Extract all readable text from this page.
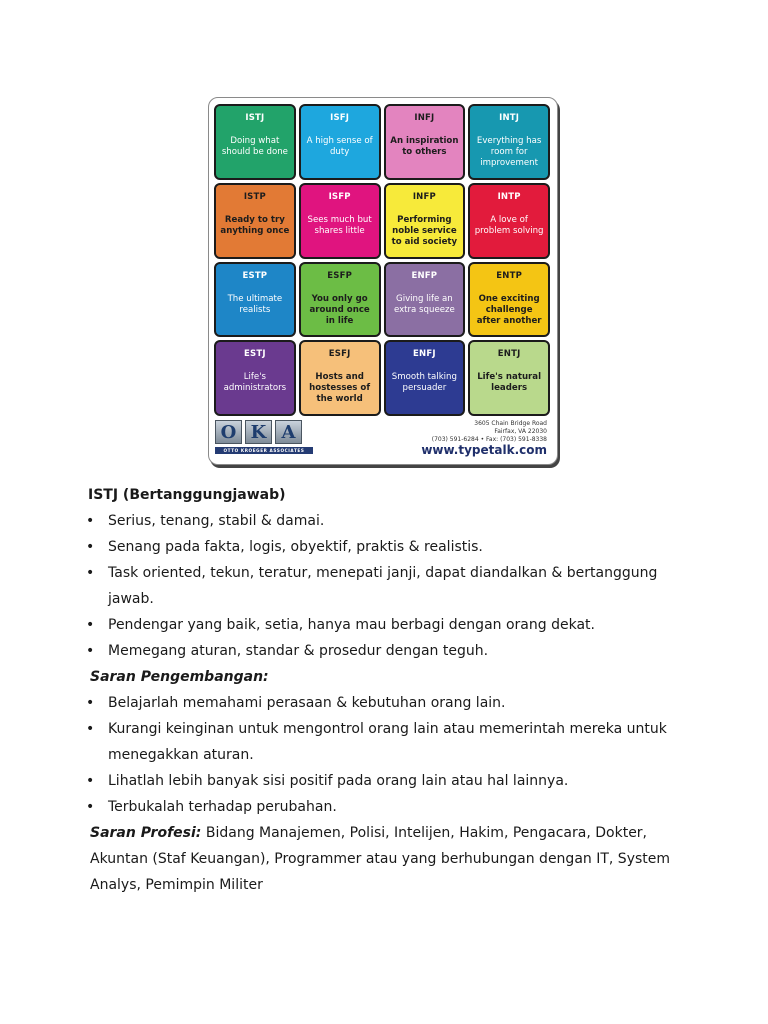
ISTJ
Doing what should be done
ISFJ
A high sense of duty
INFJ
An inspiration to others
INTJ
Everything has room for improvement
ISTP
Ready to try anything once
ISFP
Sees much but shares little
INFP
Performing noble service to aid society
INTP
A love of problem solving
ESTP
The ultimate realists
ESFP
You only go around once in life
ENFP
Giving life an extra squeeze
ENTP
One exciting challenge after another
ESTJ
Life's administrators
ESFJ
Hosts and hostesses of the world
ENFJ
Smooth talking persuader
ENTJ
Life's natural leaders
O K A
OTTO KROEGER ASSOCIATES
3605 Chain Bridge Road
Fairfax, VA 22030
(703) 591-6284 • Fax: (703) 591-8338
www.typetalk.com
ISTJ (Bertanggungjawab)
• Serius, tenang, stabil & damai.
• Senang pada fakta, logis, obyektif, praktis & realistis.
• Task oriented, tekun, teratur, menepati janji, dapat diandalkan & bertanggung jawab.
• Pendengar yang baik, setia, hanya mau berbagi dengan orang dekat.
• Memegang aturan, standar & prosedur dengan teguh.
Saran Pengembangan:
• Belajarlah memahami perasaan & kebutuhan orang lain.
• Kurangi keinginan untuk mengontrol orang lain atau memerintah mereka untuk menegakkan aturan.
• Lihatlah lebih banyak sisi positif pada orang lain atau hal lainnya.
• Terbukalah terhadap perubahan.
Saran Profesi: Bidang Manajemen, Polisi, Intelijen, Hakim, Pengacara, Dokter, Akuntan (Staf Keuangan), Programmer atau yang berhubungan dengan IT, System Analys, Pemimpin Militer
